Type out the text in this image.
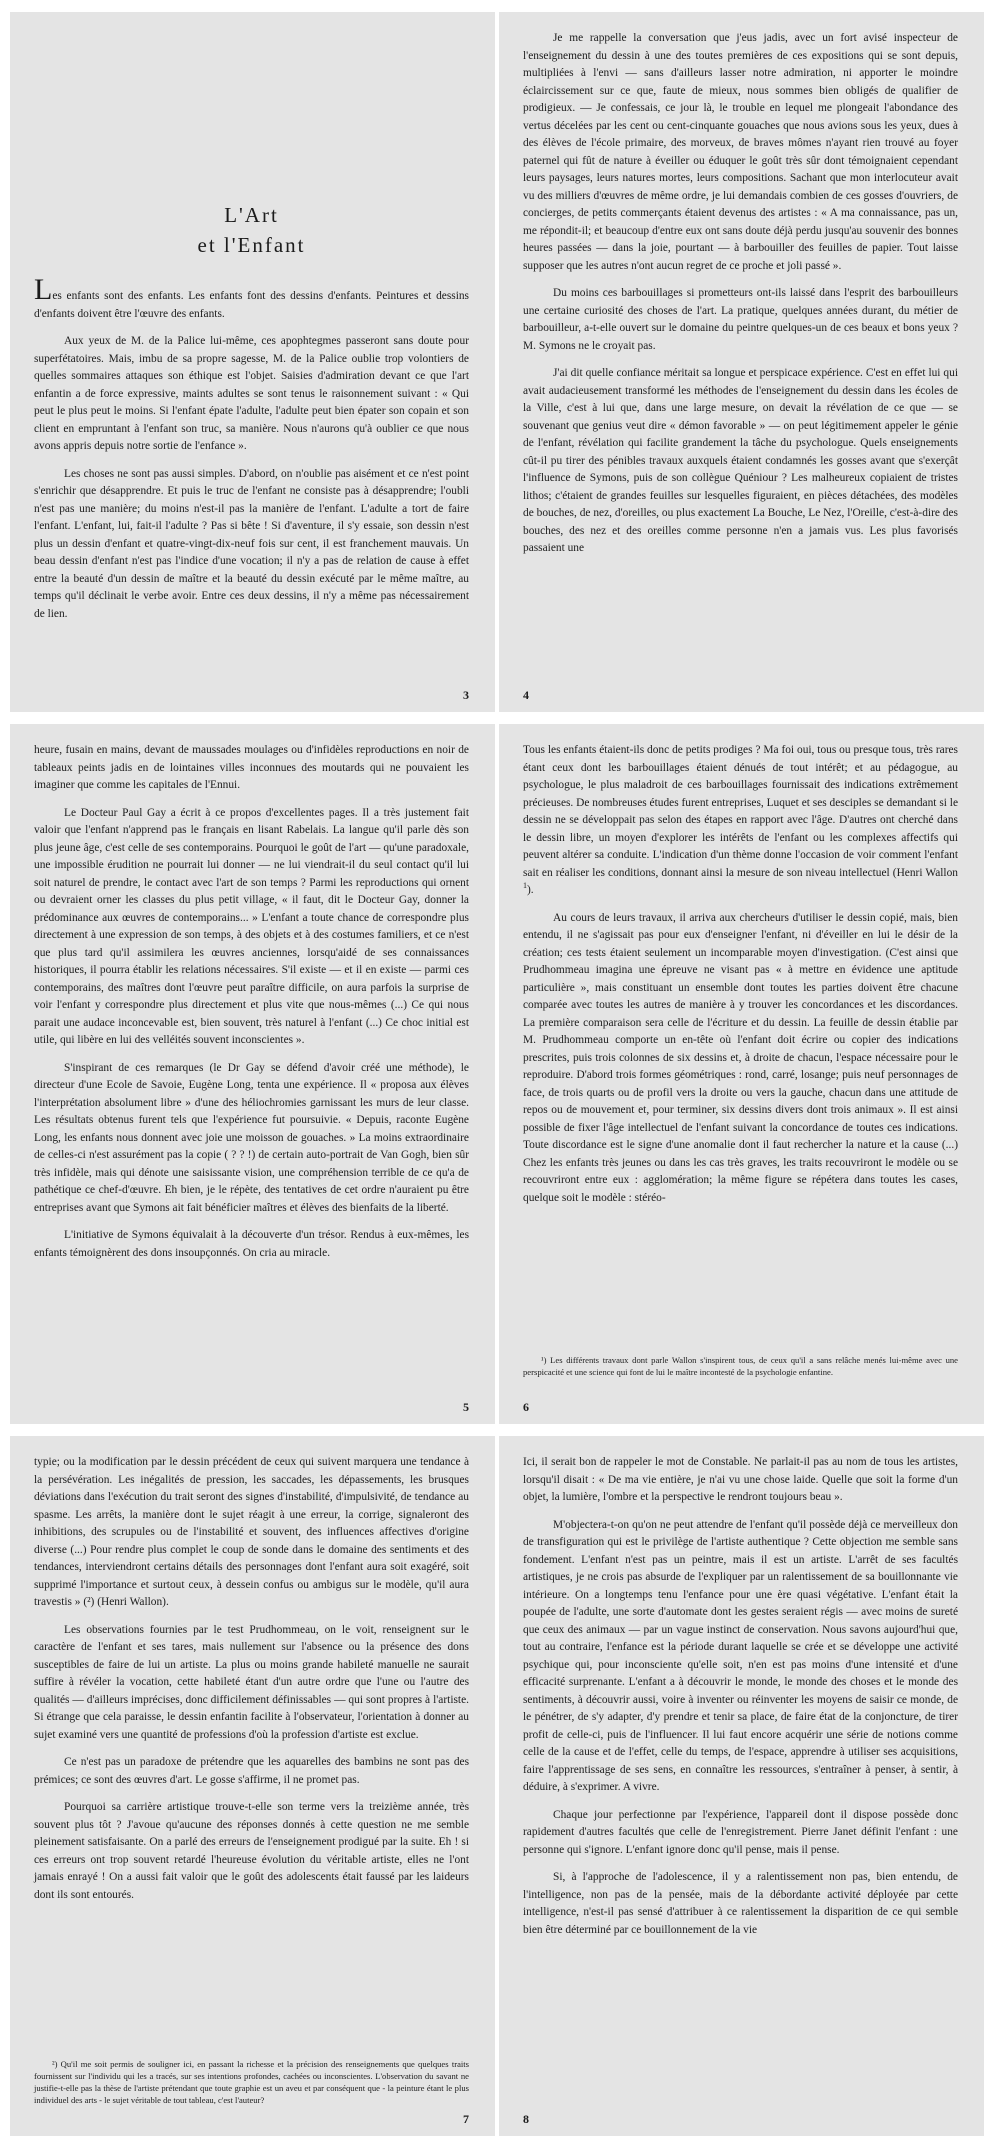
L'Art
et l'Enfant

Les enfants sont des enfants. Les enfants font des dessins d'enfants. Peintures et dessins d'enfants doivent être l'œuvre des enfants.

Aux yeux de M. de la Palice lui-même, ces apophtegmes passeront sans doute pour superfétatoires. Mais, imbu de sa propre sagesse, M. de la Palice oublie trop volontiers de quelles sommaires attaques son éthique est l'objet. Saisies d'admiration devant ce que l'art enfantin a de force expressive, maints adultes se sont tenus le raisonnement suivant : « Qui peut le plus peut le moins. Si l'enfant épate l'adulte, l'adulte peut bien épater son copain et son client en empruntant à l'enfant son truc, sa manière. Nous n'aurons qu'à oublier ce que nous avons appris depuis notre sortie de l'enfance ».

Les choses ne sont pas aussi simples. D'abord, on n'oublie pas aisément et ce n'est point s'enrichir que désapprendre. Et puis le truc de l'enfant ne consiste pas à désapprendre; l'oubli n'est pas une manière; du moins n'est-il pas la manière de l'enfant. L'adulte a tort de faire l'enfant. L'enfant, lui, fait-il l'adulte ? Pas si bête ! Si d'aventure, il s'y essaie, son dessin n'est plus un dessin d'enfant et quatre-vingt-dix-neuf fois sur cent, il est franchement mauvais. Un beau dessin d'enfant n'est pas l'indice d'une vocation; il n'y a pas de relation de cause à effet entre la beauté d'un dessin de maître et la beauté du dessin exécuté par le même maître, au temps qu'il déclinait le verbe avoir. Entre ces deux dessins, il n'y a même pas nécessairement de lien.

3

Je me rappelle la conversation que j'eus jadis, avec un fort avisé inspecteur de l'enseignement du dessin à une des toutes premières de ces expositions qui se sont depuis, multipliées à l'envi — sans d'ailleurs lasser notre admiration, ni apporter le moindre éclaircissement sur ce que, faute de mieux, nous sommes bien obligés de qualifier de prodigieux. — Je confessais, ce jour là, le trouble en lequel me plongeait l'abondance des vertus décelées par les cent ou cent-cinquante gouaches que nous avions sous les yeux, dues à des élèves de l'école primaire, des morveux, de braves mômes n'ayant rien trouvé au foyer paternel qui fût de nature à éveiller ou éduquer le goût très sûr dont témoignaient cependant leurs paysages, leurs natures mortes, leurs compositions. Sachant que mon interlocuteur avait vu des milliers d'œuvres de même ordre, je lui demandais combien de ces gosses d'ouvriers, de concierges, de petits commerçants étaient devenus des artistes : « A ma connaissance, pas un, me répondit-il; et beaucoup d'entre eux ont sans doute déjà perdu jusqu'au souvenir des bonnes heures passées — dans la joie, pourtant — à barbouiller des feuilles de papier. Tout laisse supposer que les autres n'ont aucun regret de ce proche et joli passé ».

Du moins ces barbouillages si prometteurs ont-ils laissé dans l'esprit des barbouilleurs une certaine curiosité des choses de l'art. La pratique, quelques années durant, du métier de barbouilleur, a-t-elle ouvert sur le domaine du peintre quelques-un de ces beaux et bons yeux ? M. Symons ne le croyait pas.

J'ai dit quelle confiance méritait sa longue et perspicace expérience. C'est en effet lui qui avait audacieusement transformé les méthodes de l'enseignement du dessin dans les écoles de la Ville, c'est à lui que, dans une large mesure, on devait la révélation de ce que — se souvenant que genius veut dire « démon favorable » — on peut légitimement appeler le génie de l'enfant, révélation qui facilite grandement la tâche du psychologue. Quels enseignements cût-il pu tirer des pénibles travaux auxquels étaient condamnés les gosses avant que s'exerçât l'influence de Symons, puis de son collègue Quéniour ? Les malheureux copiaient de tristes lithos; c'étaient de grandes feuilles sur lesquelles figuraient, en pièces détachées, des modèles de bouches, de nez, d'oreilles, ou plus exactement La Bouche, Le Nez, l'Oreille, c'est-à-dire des bouches, des nez et des oreilles comme personne n'en a jamais vus. Les plus favorisés passaient une

4

heure, fusain en mains, devant de maussades moulages ou d'infidèles reproductions en noir de tableaux peints jadis en de lointaines villes inconnues des moutards qui ne pouvaient les imaginer que comme les capitales de l'Ennui.

Le Docteur Paul Gay a écrit à ce propos d'excellentes pages. Il a très justement fait valoir que l'enfant n'apprend pas le français en lisant Rabelais. La langue qu'il parle dès son plus jeune âge, c'est celle de ses contemporains. Pourquoi le goût de l'art — qu'une paradoxale, une impossible érudition ne pourrait lui donner — ne lui viendrait-il du seul contact qu'il lui soit naturel de prendre, le contact avec l'art de son temps ? Parmi les reproductions qui ornent ou devraient orner les classes du plus petit village, « il faut, dit le Docteur Gay, donner la prédominance aux œuvres de contemporains... » L'enfant a toute chance de correspondre plus directement à une expression de son temps, à des objets et à des costumes familiers, et ce n'est que plus tard qu'il assimilera les œuvres anciennes, lorsqu'aidé de ses connaissances historiques, il pourra établir les relations nécessaires. S'il existe — et il en existe — parmi ces contemporains, des maîtres dont l'œuvre peut paraître difficile, on aura parfois la surprise de voir l'enfant y correspondre plus directement et plus vite que nous-mêmes (...) Ce qui nous parait une audace inconcevable est, bien souvent, très naturel à l'enfant (...) Ce choc initial est utile, qui libère en lui des velléités souvent inconscientes ».

S'inspirant de ces remarques (le Dr Gay se défend d'avoir créé une méthode), le directeur d'une Ecole de Savoie, Eugène Long, tenta une expérience. Il « proposa aux élèves l'interprétation absolument libre » d'une des héliochromies garnissant les murs de leur classe. Les résultats obtenus furent tels que l'expérience fut poursuivie. « Depuis, raconte Eugène Long, les enfants nous donnent avec joie une moisson de gouaches. » La moins extraordinaire de celles-ci n'est assurément pas la copie ( ? ? !) de certain auto-portrait de Van Gogh, bien sûr très infidèle, mais qui dénote une saisissante vision, une compréhension terrible de ce qu'a de pathétique ce chef-d'œuvre. Eh bien, je le répète, des tentatives de cet ordre n'auraient pu être entreprises avant que Symons ait fait bénéficier maîtres et élèves des bienfaits de la liberté.

L'initiative de Symons équivalait à la découverte d'un trésor. Rendus à eux-mêmes, les enfants témoignèrent des dons insoupçonnés. On cria au miracle.

5

Tous les enfants étaient-ils donc de petits prodiges ? Ma foi oui, tous ou presque tous, très rares étant ceux dont les barbouillages étaient dénués de tout intérêt; et au pédagogue, au psychologue, le plus maladroit de ces barbouillages fournissait des indications extrêmement précieuses. De nombreuses études furent entreprises, Luquet et ses desciples se demandant si le dessin ne se développait pas selon des étapes en rapport avec l'âge. D'autres ont cherché dans le dessin libre, un moyen d'explorer les intérêts de l'enfant ou les complexes affectifs qui peuvent altérer sa conduite. L'indication d'un thème donne l'occasion de voir comment l'enfant sait en réaliser les conditions, donnant ainsi la mesure de son niveau intellectuel (Henri Wallon $^1$).

Au cours de leurs travaux, il arriva aux chercheurs d'utiliser le dessin copié, mais, bien entendu, il ne s'agissait pas pour eux d'enseigner l'enfant, ni d'éveiller en lui le désir de la création; ces tests étaient seulement un incomparable moyen d'investigation. (C'est ainsi que Prudhommeau imagina une épreuve ne visant pas « à mettre en évidence une aptitude particulière », mais constituant un ensemble dont toutes les parties doivent être chacune comparée avec toutes les autres de manière à y trouver les concordances et les discordances. La première comparaison sera celle de l'écriture et du dessin. La feuille de dessin établie par M. Prudhommeau comporte un en-tête où l'enfant doit écrire ou copier des indications prescrites, puis trois colonnes de six dessins et, à droite de chacun, l'espace nécessaire pour le reproduire. D'abord trois formes géométriques : rond, carré, losange; puis neuf personnages de face, de trois quarts ou de profil vers la droite ou vers la gauche, chacun dans une attitude de repos ou de mouvement et, pour terminer, six dessins divers dont trois animaux ». Il est ainsi possible de fixer l'âge intellectuel de l'enfant suivant la concordance de toutes ces indications. Toute discordance est le signe d'une anomalie dont il faut rechercher la nature et la cause (...) Chez les enfants très jeunes ou dans les cas très graves, les traits recouvriront le modèle ou se recouvriront entre eux : agglomération; la même figure se répétera dans toutes les cases, quelque soit le modèle : stéréo-

¹) Les différents travaux dont parle Wallon s'inspirent tous, de ceux qu'il a sans relâche menés lui-même avec une perspicacité et une science qui font de lui le maître incontesté de la psychologie enfantine.

6

typie; ou la modification par le dessin précédent de ceux qui suivent marquera une tendance à la persévération. Les inégalités de pression, les saccades, les dépassements, les brusques déviations dans l'exécution du trait seront des signes d'instabilité, d'impulsivité, de tendance au spasme. Les arrêts, la manière dont le sujet réagit à une erreur, la corrige, signaleront des inhibitions, des scrupules ou de l'instabilité et souvent, des influences affectives d'origine diverse (...) Pour rendre plus complet le coup de sonde dans le domaine des sentiments et des tendances, interviendront certains détails des personnages dont l'enfant aura soit exagéré, soit supprimé l'importance et surtout ceux, à dessein confus ou ambigus sur le modèle, qu'il aura travestis » (²) (Henri Wallon).

Les observations fournies par le test Prudhommeau, on le voit, renseignent sur le caractère de l'enfant et ses tares, mais nullement sur l'absence ou la présence des dons susceptibles de faire de lui un artiste. La plus ou moins grande habileté manuelle ne saurait suffire à révéler la vocation, cette habileté étant d'un autre ordre que l'une ou l'autre des qualités — d'ailleurs imprécises, donc difficilement définissables — qui sont propres à l'artiste. Si étrange que cela paraisse, le dessin enfantin facilite à l'observateur, l'orientation à donner au sujet examiné vers une quantité de professions d'où la profession d'artiste est exclue.

Ce n'est pas un paradoxe de prétendre que les aquarelles des bambins ne sont pas des prémices; ce sont des œuvres d'art. Le gosse s'affirme, il ne promet pas.

Pourquoi sa carrière artistique trouve-t-elle son terme vers la treizième année, très souvent plus tôt ? J'avoue qu'aucune des réponses donnés à cette question ne me semble pleinement satisfaisante. On a parlé des erreurs de l'enseignement prodigué par la suite. Eh ! si ces erreurs ont trop souvent retardé l'heureuse évolution du véritable artiste, elles ne l'ont jamais enrayé ! On a aussi fait valoir que le goût des adolescents était faussé par les laideurs dont ils sont entourés.

²) Qu'il me soit permis de souligner ici, en passant la richesse et la précision des renseignements que quelques traits fournissent sur l'individu qui les a tracés, sur ses intentions profondes, cachées ou inconscientes. L'observation du savant ne justifie-t-elle pas la thèse de l'artiste prétendant que toute graphie est un aveu et par conséquent que - la peinture étant le plus individuel des arts - le sujet véritable de tout tableau, c'est l'auteur?

7

Ici, il serait bon de rappeler le mot de Constable. Ne parlait-il pas au nom de tous les artistes, lorsqu'il disait : « De ma vie entière, je n'ai vu une chose laide. Quelle que soit la forme d'un objet, la lumière, l'ombre et la perspective le rendront toujours beau ».

M'objectera-t-on qu'on ne peut attendre de l'enfant qu'il possède déjà ce merveilleux don de transfiguration qui est le privilège de l'artiste authentique ? Cette objection me semble sans fondement. L'enfant n'est pas un peintre, mais il est un artiste. L'arrêt de ses facultés artistiques, je ne crois pas absurde de l'expliquer par un ralentissement de sa bouillonnante vie intérieure. On a longtemps tenu l'enfance pour une ère quasi végétative. L'enfant était la poupée de l'adulte, une sorte d'automate dont les gestes seraient régis — avec moins de sureté que ceux des animaux — par un vague instinct de conservation. Nous savons aujourd'hui que, tout au contraire, l'enfance est la période durant laquelle se crée et se développe une activité psychique qui, pour inconsciente qu'elle soit, n'en est pas moins d'une intensité et d'une efficacité surprenante. L'enfant a à découvrir le monde, le monde des choses et le monde des sentiments, à découvrir aussi, voire à inventer ou réinventer les moyens de saisir ce monde, de le pénétrer, de s'y adapter, d'y prendre et tenir sa place, de faire état de la conjoncture, de tirer profit de celle-ci, puis de l'influencer. Il lui faut encore acquérir une série de notions comme celle de la cause et de l'effet, celle du temps, de l'espace, apprendre à utiliser ses acquisitions, faire l'apprentissage de ses sens, en connaître les ressources, s'entraîner à penser, à sentir, à déduire, à s'exprimer. A vivre.

Chaque jour perfectionne par l'expérience, l'appareil dont il dispose possède donc rapidement d'autres facultés que celle de l'enregistrement. Pierre Janet définit l'enfant : une personne qui s'ignore. L'enfant ignore donc qu'il pense, mais il pense.

Si, à l'approche de l'adolescence, il y a ralentissement non pas, bien entendu, de l'intelligence, non pas de la pensée, mais de la débordante activité déployée par cette intelligence, n'est-il pas sensé d'attribuer à ce ralentissement la disparition de ce qui semble bien être déterminé par ce bouillonnement de la vie

8
